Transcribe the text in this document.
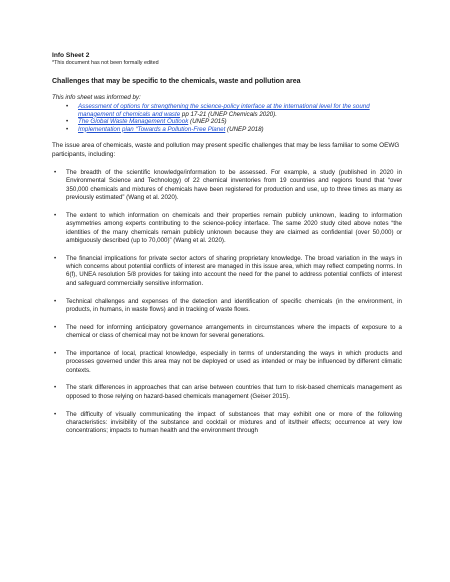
Info Sheet 2
*This document has not been formally edited
Challenges that may be specific to the chemicals, waste and pollution area
This info sheet was informed by:
• Assessment of options for strengthening the science-policy interface at the international level for the sound management of chemicals and waste pp 17-21 (UNEP Chemicals 2020).
• The Global Waste Management Outlook (UNEP 2015)
• Implementation plan “Towards a Pollution-Free Planet (UNEP 2018)
The issue area of chemicals, waste and pollution may present specific challenges that may be less familiar to some OEWG participants, including:
• The breadth of the scientific knowledge/information to be assessed. For example, a study (published in 2020 in Environmental Science and Technology) of 22 chemical inventories from 19 countries and regions found that “over 350,000 chemicals and mixtures of chemicals have been registered for production and use, up to three times as many as previously estimated” (Wang et al. 2020).
• The extent to which information on chemicals and their properties remain publicly unknown, leading to information asymmetries among experts contributing to the science-policy interface. The same 2020 study cited above notes “the identities of the many chemicals remain publicly unknown because they are claimed as confidential (over 50,000) or ambiguously described (up to 70,000)” (Wang et al. 2020).
• The financial implications for private sector actors of sharing proprietary knowledge. The broad variation in the ways in which concerns about potential conflicts of interest are managed in this issue area, which may reflect competing norms. In 6(f), UNEA resolution 5/8 provides for taking into account the need for the panel to address potential conflicts of interest and safeguard commercially sensitive information.
• Technical challenges and expenses of the detection and identification of specific chemicals (in the environment, in products, in humans, in waste flows) and in tracking of waste flows.
• The need for informing anticipatory governance arrangements in circumstances where the impacts of exposure to a chemical or class of chemical may not be known for several generations.
• The importance of local, practical knowledge, especially in terms of understanding the ways in which products and processes governed under this area may not be deployed or used as intended or may be influenced by different climatic contexts.
• The stark differences in approaches that can arise between countries that turn to risk-based chemicals management as opposed to those relying on hazard-based chemicals management (Geiser 2015).
• The difficulty of visually communicating the impact of substances that may exhibit one or more of the following characteristics: invisibility of the substance and cocktail or mixtures and of its/their effects; occurrence at very low concentrations; impacts to human health and the environment through
